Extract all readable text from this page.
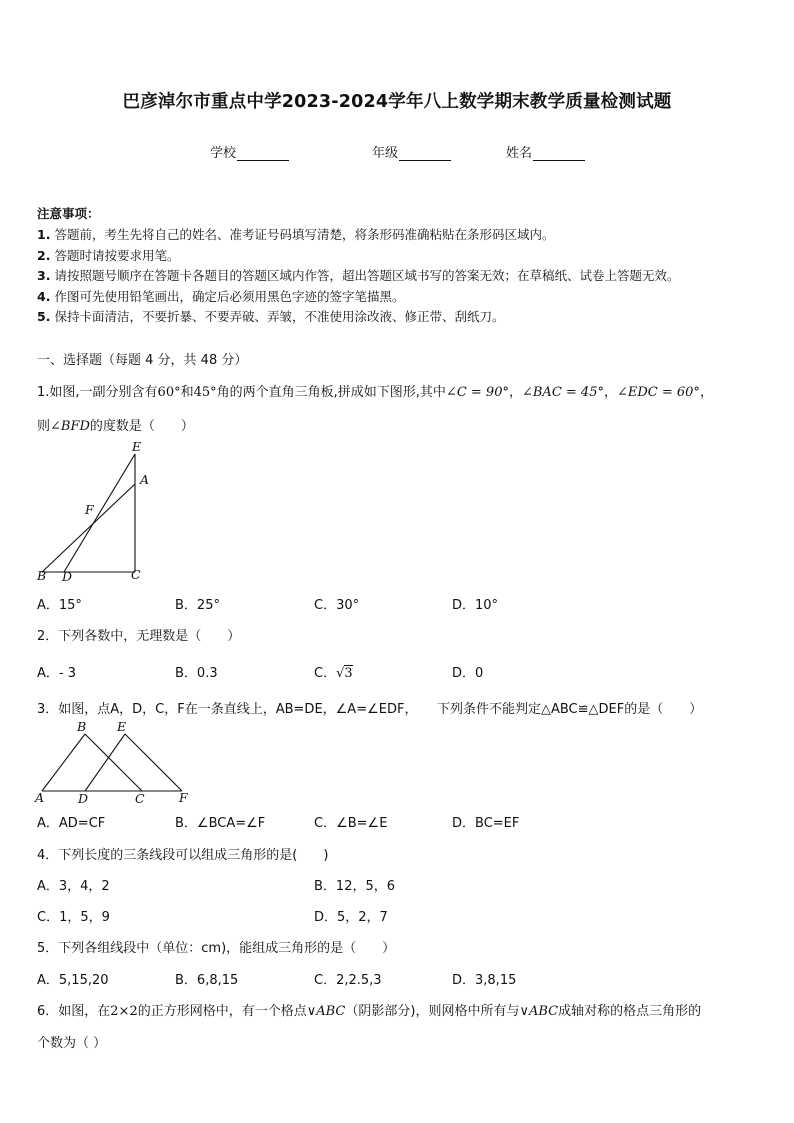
巴彦淖尔市重点中学2023-2024学年八上数学期末教学质量检测试题
学校	年级	姓名
注意事项：
1. 答题前，考生先将自己的姓名、准考证号码填写清楚，将条形码准确粘贴在条形码区域内。
2. 答题时请按要求用笔。
3. 请按照题号顺序在答题卡各题目的答题区域内作答，超出答题区域书写的答案无效；在草稿纸、试卷上答题无效。
4. 作图可先使用铅笔画出，确定后必须用黑色字迹的签字笔描黑。
5. 保持卡面清洁，不要折暴、不要弄破、弄皱，不准使用涂改液、修正带、刮纸刀。
一、选择题（每题 4 分，共 48 分）
1.如图,一副分别含有60°和45°角的两个直角三角板,拼成如下图形,其中∠C = 90°，∠BAC = 45°，∠EDC = 60°，
则∠BFD的度数是（　　）
E
A
F
B D	C
A．15°	B．25°	C．30°	D．10°
2．下列各数中，无理数是（　　）
A．- 3	B．0.3	C．√3	D．0
3．如图，点A，D，C，F在一条直线上，AB=DE，∠A=∠EDF，　　下列条件不能判定△ABC≌△DEF的是（　　）
A
B
C
D
E
F
A．AD=CF	B．∠BCA=∠F	C．∠B=∠E	D．BC=EF
4．下列长度的三条线段可以组成三角形的是(　　)
A．3，4，2	B．12，5，6
C．1，5，9	D．5，2，7
5．下列各组线段中（单位：cm)，能组成三角形的是（　　）
A．5,15,20	B．6,8,15	C．2,2.5,3	D．3,8,15
6．如图，在2×2的正方形网格中，有一个格点∨ABC（阴影部分)，则网格中所有与∨ABC成轴对称的格点三角形的
个数为（ ）
